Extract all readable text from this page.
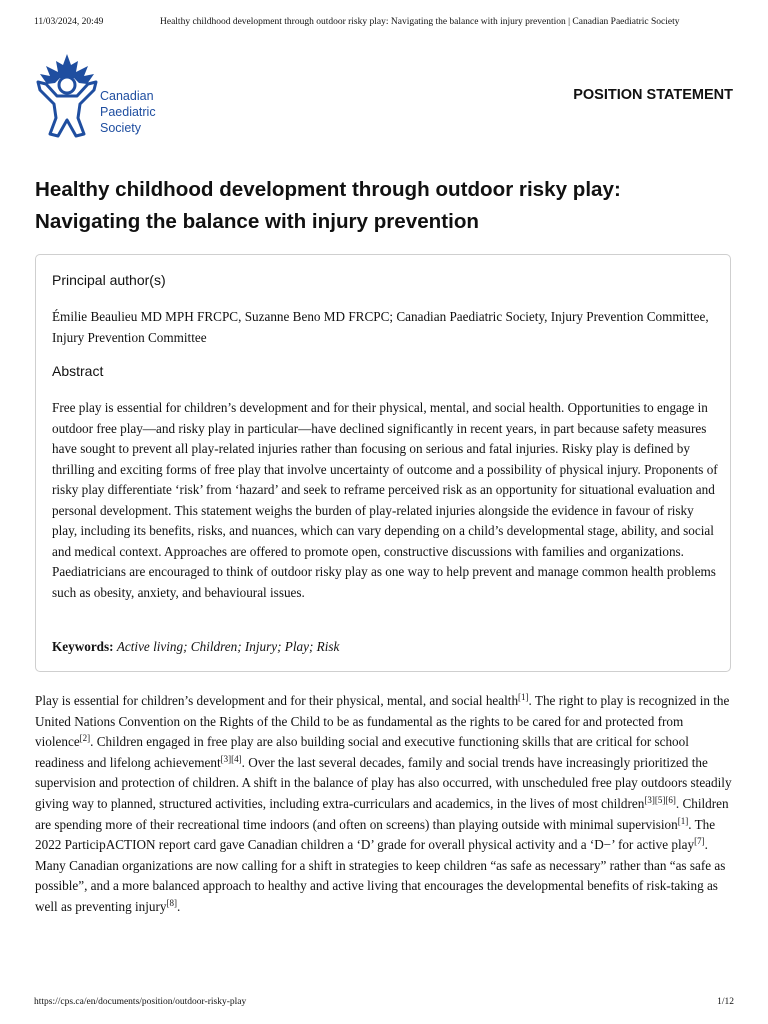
11/03/2024, 20:49	Healthy childhood development through outdoor risky play: Navigating the balance with injury prevention | Canadian Paediatric Society
Canadian
Paediatric
Society
POSITION STATEMENT
Healthy childhood development through outdoor risky play:
Navigating the balance with injury prevention
Principal author(s)
Émilie Beaulieu MD MPH FRCPC, Suzanne Beno MD FRCPC; Canadian Paediatric Society, Injury Prevention Committee, Injury Prevention Committee
Abstract
Free play is essential for children’s development and for their physical, mental, and social health. Opportunities to engage in outdoor free play—and risky play in particular—have declined significantly in recent years, in part because safety measures have sought to prevent all play-related injuries rather than focusing on serious and fatal injuries. Risky play is defined by thrilling and exciting forms of free play that involve uncertainty of outcome and a possibility of physical injury. Proponents of risky play differentiate ‘risk’ from ‘hazard’ and seek to reframe perceived risk as an opportunity for situational evaluation and personal development. This statement weighs the burden of play-related injuries alongside the evidence in favour of risky play, including its benefits, risks, and nuances, which can vary depending on a child’s developmental stage, ability, and social and medical context. Approaches are offered to promote open, constructive discussions with families and organizations. Paediatricians are encouraged to think of outdoor risky play as one way to help prevent and manage common health problems such as obesity, anxiety, and behavioural issues.
Keywords: Active living; Children; Injury; Play; Risk
Play is essential for children’s development and for their physical, mental, and social health[1]. The right to play is recognized in the United Nations Convention on the Rights of the Child to be as fundamental as the rights to be cared for and protected from violence[2]. Children engaged in free play are also building social and executive functioning skills that are critical for school readiness and lifelong achievement[3][4]. Over the last several decades, family and social trends have increasingly prioritized the supervision and protection of children. A shift in the balance of play has also occurred, with unscheduled free play outdoors steadily giving way to planned, structured activities, including extra-curriculars and academics, in the lives of most children[3][5][6]. Children are spending more of their recreational time indoors (and often on screens) than playing outside with minimal supervision[1]. The 2022 ParticipACTION report card gave Canadian children a ‘D’ grade for overall physical activity and a ‘D−’ for active play[7]. Many Canadian organizations are now calling for a shift in strategies to keep children “as safe as necessary” rather than “as safe as possible”, and a more balanced approach to healthy and active living that encourages the developmental benefits of risk-taking as well as preventing injury[8].
https://cps.ca/en/documents/position/outdoor-risky-play	1/12
